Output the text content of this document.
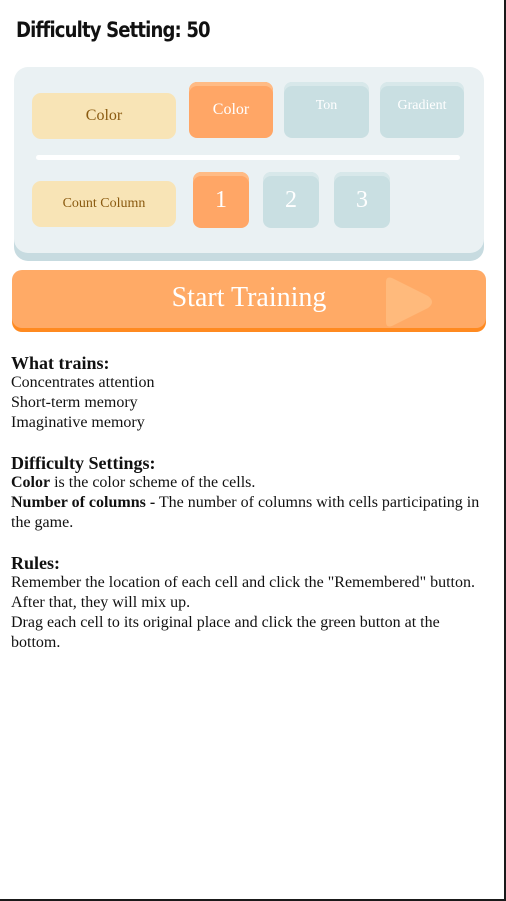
Difficulty Setting: 50
Color	Color	Ton	Gradient
Count Column	1 2 3
Start Training
What trains:
Concentrates attention
Short-term memory
Imaginative memory
Difficulty Settings:
Color is the color scheme of the cells.
Number of columns - The number of columns with cells participating in the game.
Rules:
Remember the location of each cell and click the "Remembered" button.
After that, they will mix up.
Drag each cell to its original place and click the green button at the bottom.
